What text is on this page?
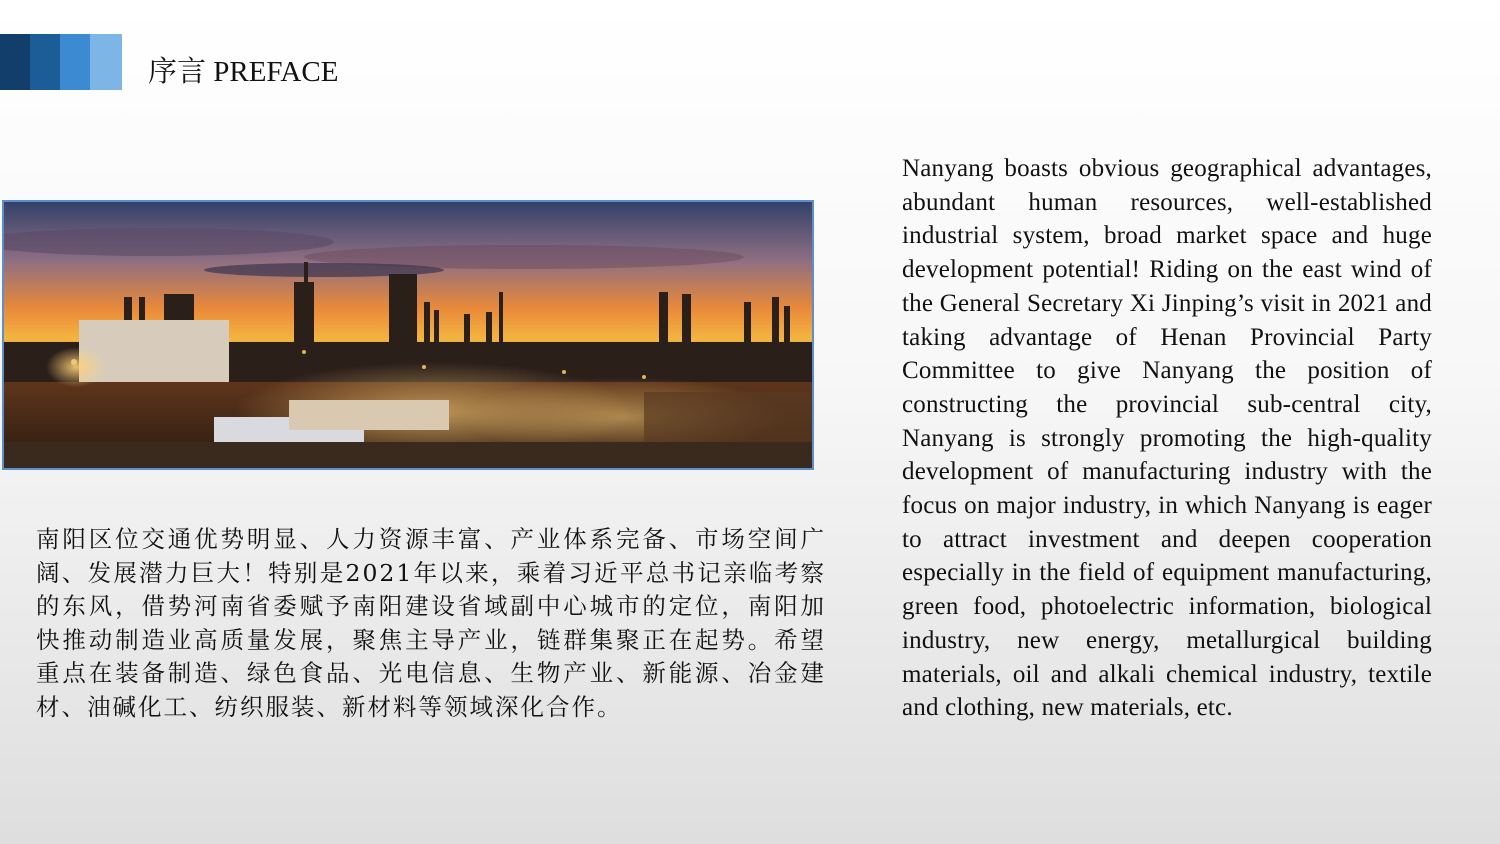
序言 PREFACE
南阳区位交通优势明显、人力资源丰富、产业体系完备、市场空间广阔、发展潜力巨大！特别是2021年以来，乘着习近平总书记亲临考察的东风，借势河南省委赋予南阳建设省域副中心城市的定位，南阳加快推动制造业高质量发展，聚焦主导产业，链群集聚正在起势。希望重点在装备制造、绿色食品、光电信息、生物产业、新能源、冶金建材、油碱化工、纺织服装、新材料等领域深化合作。
Nanyang boasts obvious geographical advantages, abundant human resources, well-established industrial system, broad market space and huge development potential! Riding on the east wind of the General Secretary Xi Jinping’s visit in 2021 and taking advantage of Henan Provincial Party Committee to give Nanyang the position of constructing the provincial sub-central city, Nanyang is strongly promoting the high-quality development of manufacturing industry with the focus on major industry, in which Nanyang is eager to attract investment and deepen cooperation especially in the field of equipment manufacturing, green food, photoelectric information, biological industry, new energy, metallurgical building materials, oil and alkali chemical industry, textile and clothing, new materials, etc.
